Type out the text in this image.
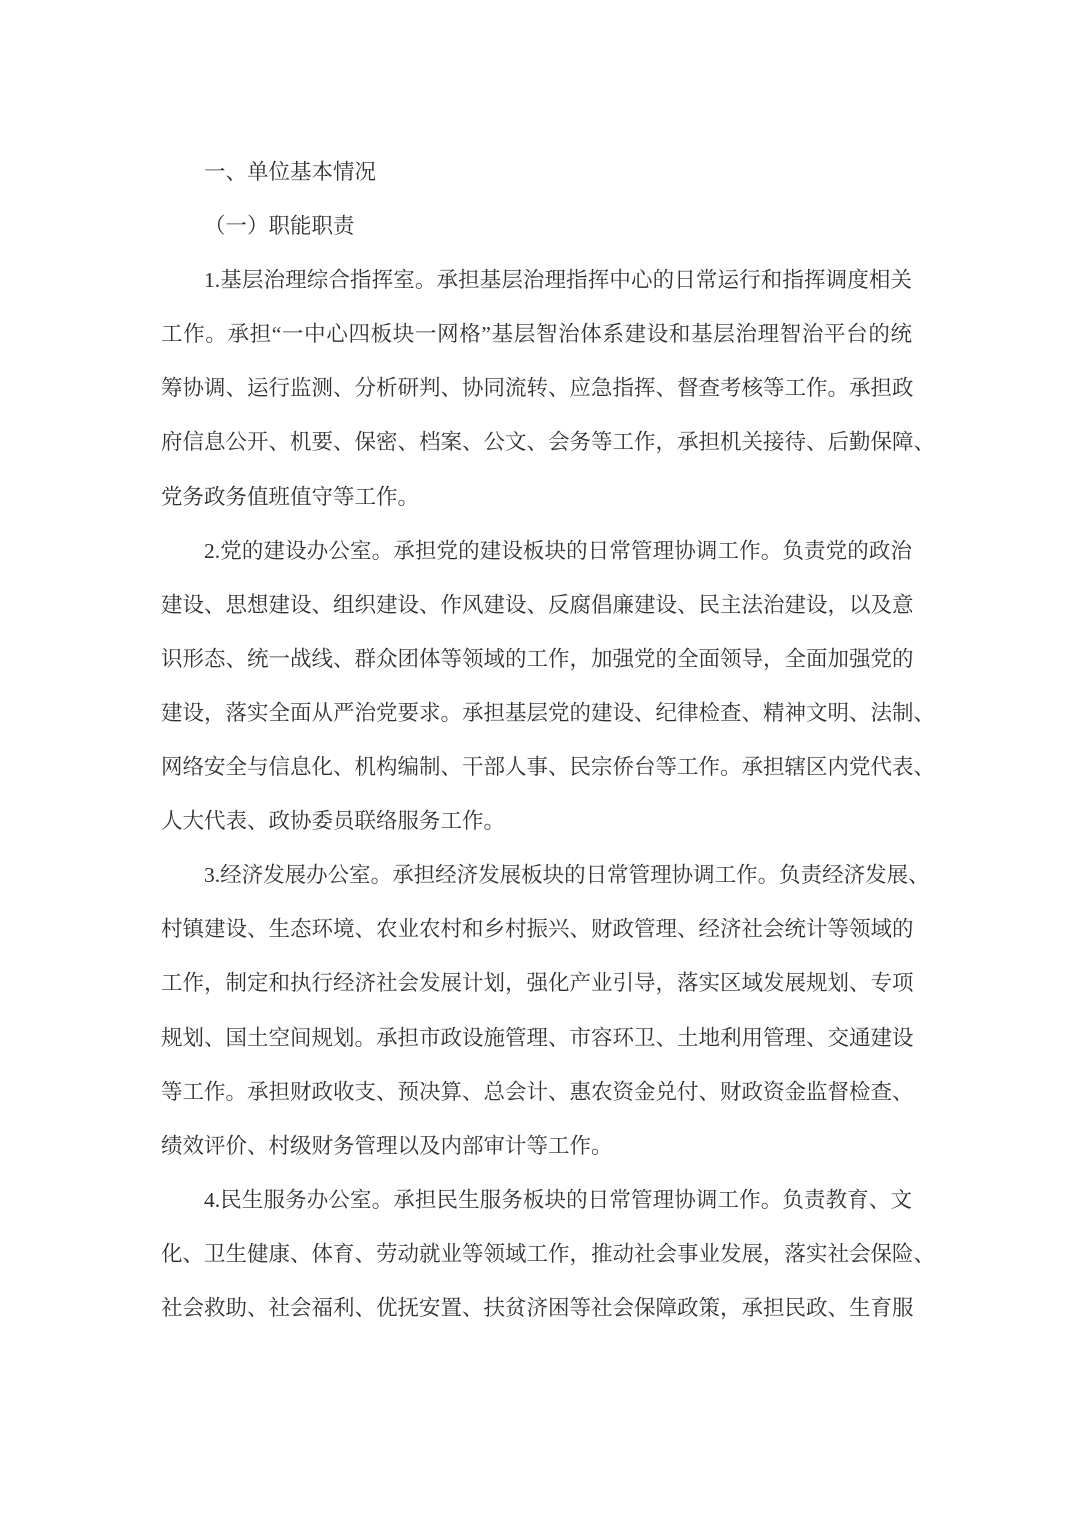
一、单位基本情况
（一）职能职责
1.基层治理综合指挥室。承担基层治理指挥中心的日常运行和指挥调度相关
工作。承担“一中心四板块一网格”基层智治体系建设和基层治理智治平台的统
筹协调、运行监测、分析研判、协同流转、应急指挥、督查考核等工作。承担政
府信息公开、机要、保密、档案、公文、会务等工作，承担机关接待、后勤保障、
党务政务值班值守等工作。
2.党的建设办公室。承担党的建设板块的日常管理协调工作。负责党的政治
建设、思想建设、组织建设、作风建设、反腐倡廉建设、民主法治建设，以及意
识形态、统一战线、群众团体等领域的工作，加强党的全面领导，全面加强党的
建设，落实全面从严治党要求。承担基层党的建设、纪律检查、精神文明、法制、
网络安全与信息化、机构编制、干部人事、民宗侨台等工作。承担辖区内党代表、
人大代表、政协委员联络服务工作。
3.经济发展办公室。承担经济发展板块的日常管理协调工作。负责经济发展、
村镇建设、生态环境、农业农村和乡村振兴、财政管理、经济社会统计等领域的
工作，制定和执行经济社会发展计划，强化产业引导，落实区域发展规划、专项
规划、国土空间规划。承担市政设施管理、市容环卫、土地利用管理、交通建设
等工作。承担财政收支、预决算、总会计、惠农资金兑付、财政资金监督检查、
绩效评价、村级财务管理以及内部审计等工作。
4.民生服务办公室。承担民生服务板块的日常管理协调工作。负责教育、文
化、卫生健康、体育、劳动就业等领域工作，推动社会事业发展，落实社会保险、
社会救助、社会福利、优抚安置、扶贫济困等社会保障政策，承担民政、生育服
